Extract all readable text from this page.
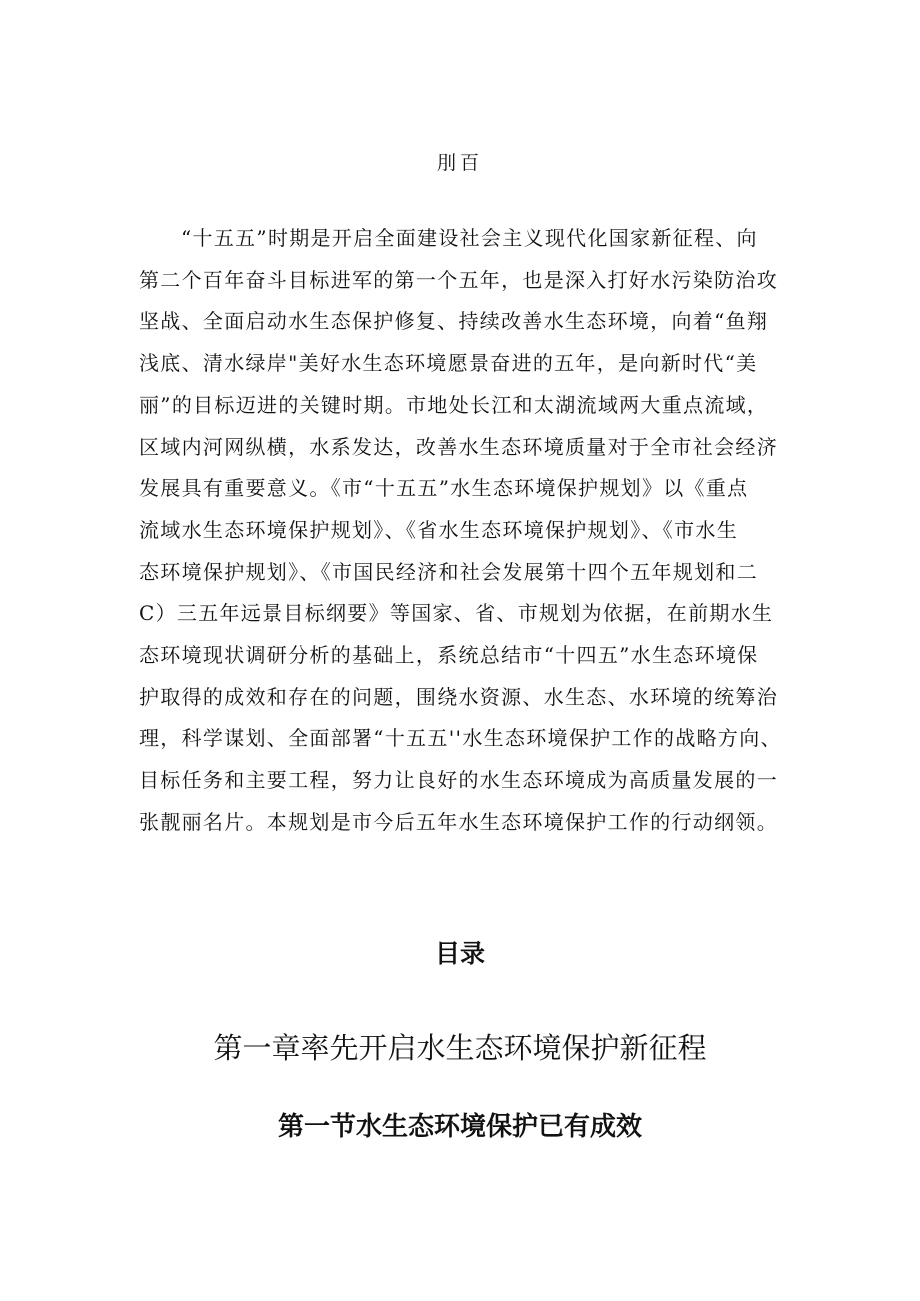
刖百
“十五五”时期是开启全面建设社会主义现代化国家新征程、向
第二个百年奋斗目标进军的第一个五年，也是深入打好水污染防治攻
坚战、全面启动水生态保护修复、持续改善水生态环境，向着“鱼翔
浅底、清水绿岸"美好水生态环境愿景奋进的五年，是向新时代“美
丽”的目标迈进的关键时期。市地处长江和太湖流域两大重点流域，
区域内河网纵横，水系发达，改善水生态环境质量对于全市社会经济
发展具有重要意义。《市“十五五”水生态环境保护规划》以《重点
流域水生态环境保护规划》、《省水生态环境保护规划》、《市水生
态环境保护规划》、《市国民经济和社会发展第十四个五年规划和二
C）三五年远景目标纲要》等国家、省、市规划为依据，在前期水生
态环境现状调研分析的基础上，系统总结市“十四五”水生态环境保
护取得的成效和存在的问题，围绕水资源、水生态、水环境的统筹治
理，科学谋划、全面部署“十五五''水生态环境保护工作的战略方向、
目标任务和主要工程，努力让良好的水生态环境成为高质量发展的一
张靓丽名片。本规划是市今后五年水生态环境保护工作的行动纲领。
目录
第一章率先开启水生态环境保护新征程
第一节水生态环境保护已有成效
